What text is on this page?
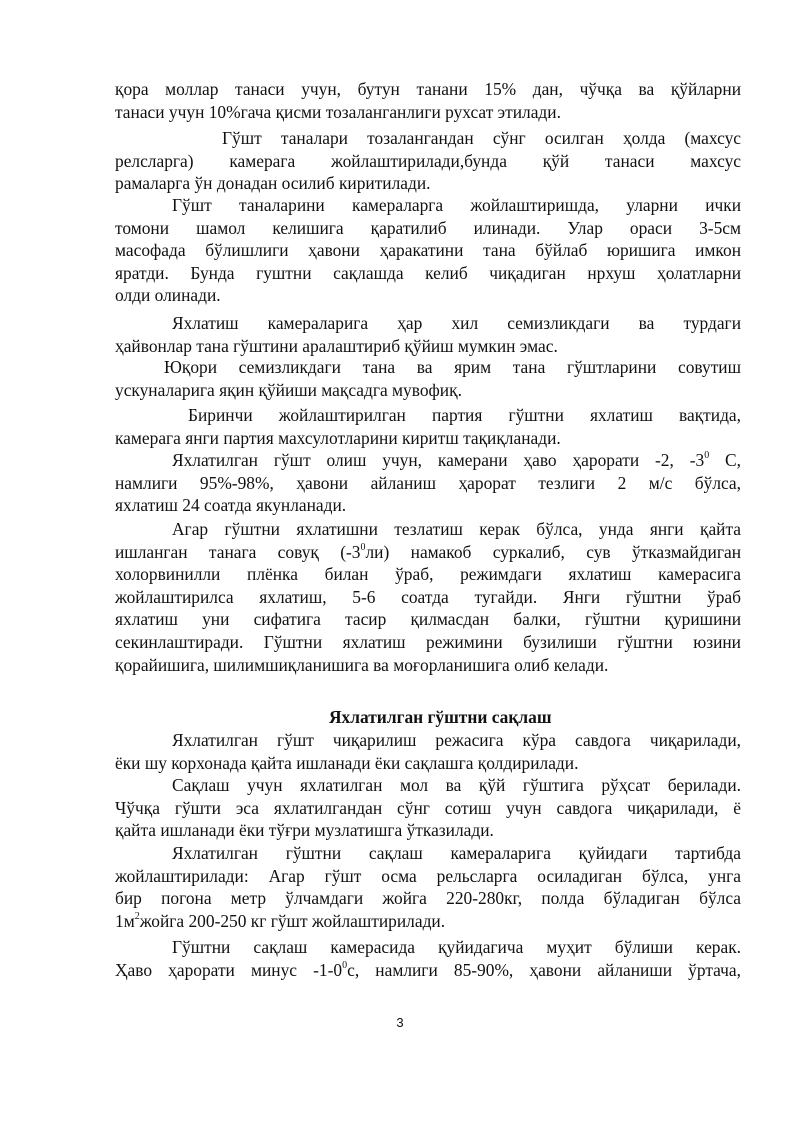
қора моллар танаси учун, бутун танани 15% дан, чўчқа ва қўйларни
танаси учун 10%гача қисми тозаланганлиги рухсат этилади.
Гўшт таналари тозалангандан сўнг осилган ҳолда (махсус
релсларга) камерага жойлаштирилади,бунда қўй танаси махсус
рамаларга ўн донадан осилиб киритилади.
Гўшт таналарини камераларга жойлаштиришда, уларни ички
томони шамол келишига қаратилиб илинади. Улар ораси 3-5см
масофада бўлишлиги ҳавони ҳаракатини тана бўйлаб юришига имкон
яратди. Бунда гуштни сақлашда келиб чиқадиган нрхуш ҳолатларни
олди олинади.
Яхлатиш камераларига ҳар хил семизликдаги ва турдаги
ҳайвонлар тана гўштини аралаштириб қўйиш мумкин эмас.
Юқори семизликдаги тана ва ярим тана гўштларини совутиш
ускуналарига яқин қўйиши мақсадга мувофиқ.
Биринчи жойлаштирилган партия гўштни яхлатиш вақтида,
камерага янги партия махсулотларини киритш тақиқланади.
Яхлатилган гўшт олиш учун, камерани ҳаво ҳарорати -2, $-3^0$ С,
намлиги 95%-98%, ҳавони айланиш ҳарорат тезлиги 2 м/с бўлса,
яхлатиш 24 соатда якунланади.
Агар гўштни яхлатишни тезлатиш керак бўлса, унда янги қайта
ишланган танага совуқ $(-3^0ли)$ намакоб суркалиб, сув ўтказмайдиган
холорвинилли плёнка билан ўраб, режимдаги яхлатиш камерасига
жойлаштирилса яхлатиш, 5-6 соатда тугайди. Янги гўштни ўраб
яхлатиш уни сифатига тасир қилмасдан балки, гўштни қуришини
секинлаштиради. Гўштни яхлатиш режимини бузилиши гўштни юзини
қорайишига, шилимшиқланишига ва моғорланишига олиб келади.
Яхлатилган гўштни сақлаш
Яхлатилган гўшт чиқарилиш режасига кўра савдога чиқарилади,
ёки шу корхонада қайта ишланади ёки сақлашга қолдирилади.
Сақлаш учун яхлатилган мол ва қўй гўштига рўҳсат берилади.
Чўчқа гўшти эса яхлатилгандан сўнг сотиш учун савдога чиқарилади, ё
қайта ишланади ёки тўғри музлатишга ўтказилади.
Яхлатилган гўштни сақлаш камераларига қуйидаги тартибда
жойлаштирилади: Агар гўшт осма рельсларга осиладиган бўлса, унга
бир погона метр ўлчамдаги жойга 220-280кг, полда бўладиган бўлса
$1м^2жойга$ 200-250 кг гўшт жойлаштирилади.
Гўштни сақлаш камерасида қуйидагича муҳит бўлиши керак.
Ҳаво ҳарорати минус $-1-0^0с$, намлиги 85-90%, ҳавони айланиши ўртача,
3
